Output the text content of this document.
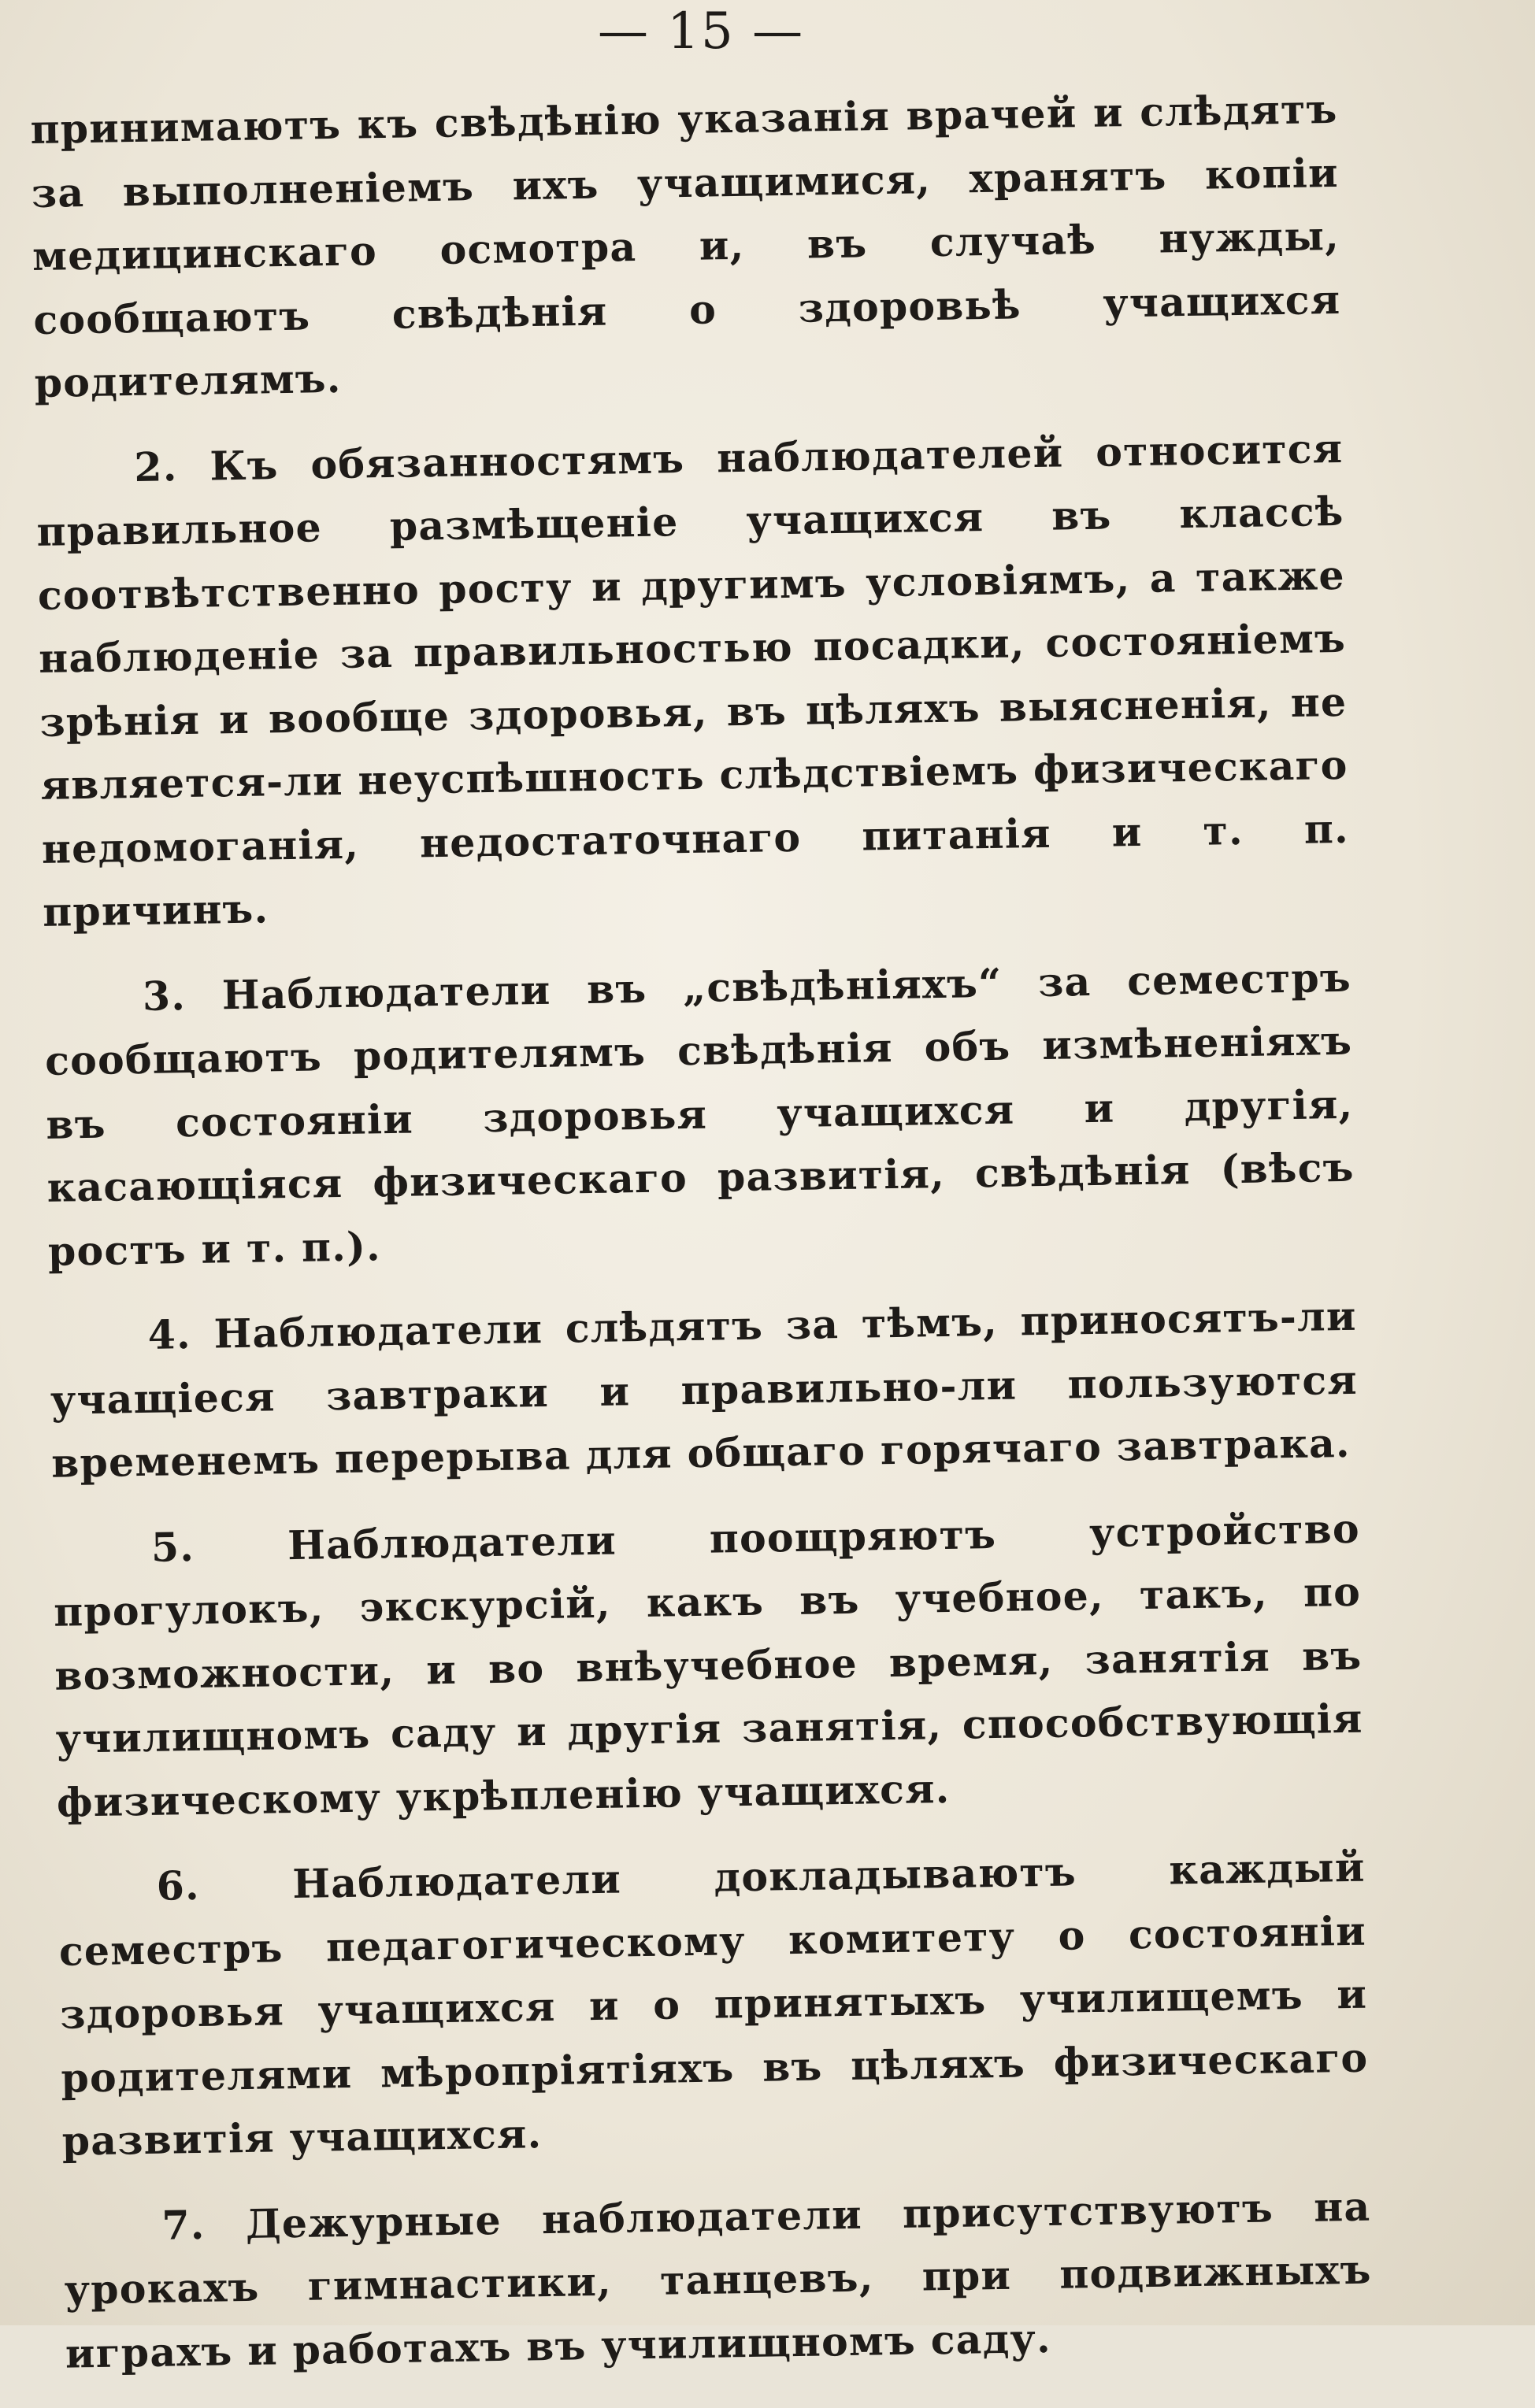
— 15 —

принимаютъ къ свѣдѣнію указанія врачей и слѣдятъ за выполненіемъ ихъ учащимися, хранятъ копіи медицинскаго осмотра и, въ случаѣ нужды, сообщаютъ свѣдѣнія о здоровьѣ учащихся родителямъ.

2. Къ обязанностямъ наблюдателей относится правильное размѣщеніе учащихся въ классѣ соотвѣтственно росту и другимъ условіямъ, а также наблюденіе за правильностью посадки, состояніемъ зрѣнія и вообще здоровья, въ цѣляхъ выясненія, не является-ли неуспѣшность слѣдствіемъ физическаго недомоганія, недостаточнаго питанія и т. п. причинъ.

3. Наблюдатели въ „свѣдѣніяхъ“ за семестръ сообщаютъ родителямъ свѣдѣнія объ измѣненіяхъ въ состояніи здоровья учащихся и другія, касающіяся физическаго развитія, свѣдѣнія (вѣсъ ростъ и т. п.).

4. Наблюдатели слѣдятъ за тѣмъ, приносятъ-ли учащіеся завтраки и правильно-ли пользуются временемъ перерыва для общаго горячаго завтрака.

5. Наблюдатели поощряютъ устройство прогулокъ, экскурсій, какъ въ учебное, такъ, по возможности, и во внѣучебное время, занятія въ училищномъ саду и другія занятія, способствующія физическому укрѣпленію учащихся.

6. Наблюдатели докладываютъ каждый семестръ педагогическому комитету о состояніи здоровья учащихся и о принятыхъ училищемъ и родителями мѣропріятіяхъ въ цѣляхъ физическаго развитія учащихся.

7. Дежурные наблюдатели присутствуютъ на урокахъ гимнастики, танцевъ, при подвижныхъ играхъ и работахъ въ училищномъ саду.
